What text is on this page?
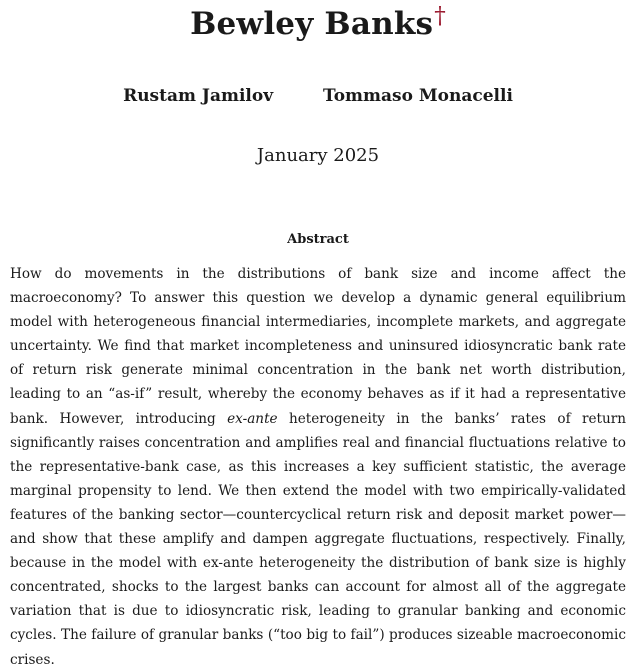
Bewley Banks†
Rustam Jamilov	Tommaso Monacelli
January 2025
Abstract
How do movements in the distributions of bank size and income affect the macroeconomy? To answer this question we develop a dynamic general equilibrium model with heterogeneous financial intermediaries, incomplete markets, and aggregate uncertainty. We find that market incompleteness and uninsured idiosyncratic bank rate of return risk generate minimal concentration in the bank net worth distribution, leading to an “as-if” result, whereby the economy behaves as if it had a representative bank. However, introducing ex-ante heterogeneity in the banks’ rates of return significantly raises concentration and amplifies real and financial fluctuations relative to the representative-bank case, as this increases a key sufficient statistic, the average marginal propensity to lend. We then extend the model with two empirically-validated features of the banking sector—countercyclical return risk and deposit market power—and show that these amplify and dampen aggregate fluctuations, respectively. Finally, because in the model with ex-ante heterogeneity the distribution of bank size is highly concentrated, shocks to the largest banks can account for almost all of the aggregate variation that is due to idiosyncratic risk, leading to granular banking and economic cycles. The failure of granular banks (“too big to fail”) produces sizeable macroeconomic crises.
